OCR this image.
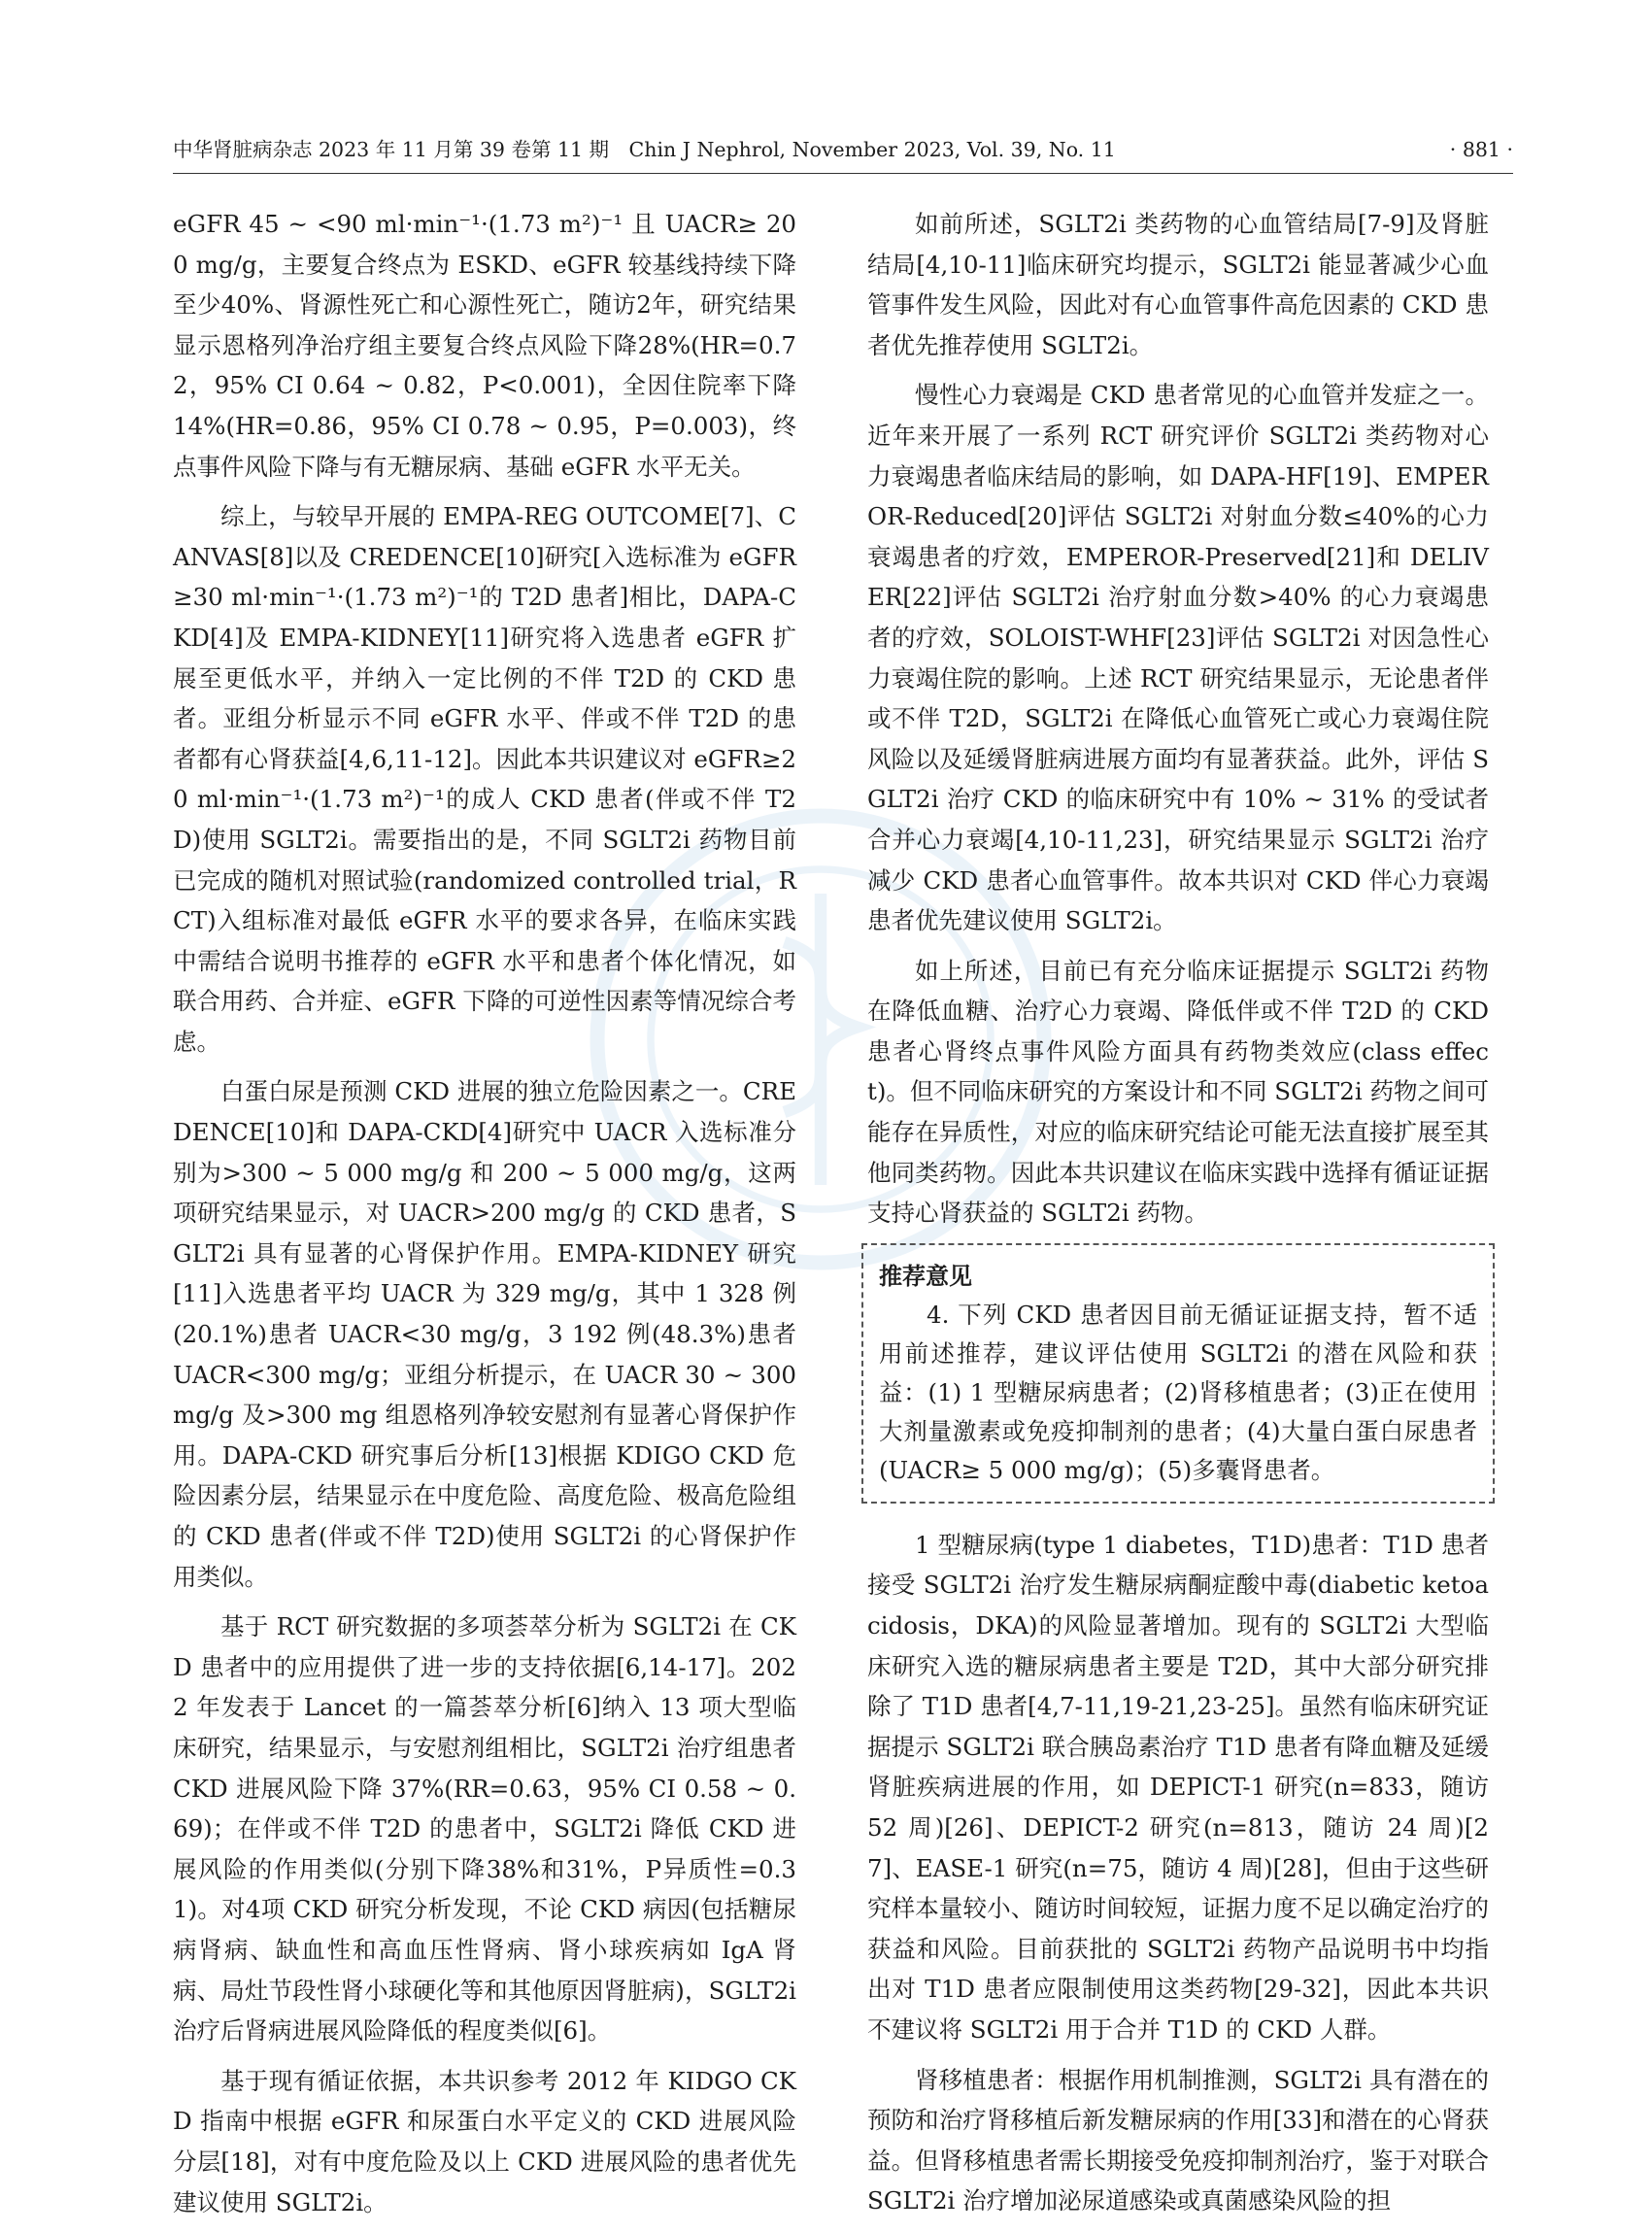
中华肾脏病杂志 2023 年 11 月第 39 卷第 11 期　Chin J Nephrol, November 2023, Vol. 39, No. 11	· 881 ·

eGFR 45 ~ <90 ml·min⁻¹·(1.73 m²)⁻¹ 且 UACR≥ 200 mg/g，主要复合终点为 ESKD、eGFR 较基线持续下降至少40%、肾源性死亡和心源性死亡，随访2年，研究结果显示恩格列净治疗组主要复合终点风险下降28%(HR=0.72，95% CI 0.64 ~ 0.82，P<0.001)，全因住院率下降 14%(HR=0.86，95% CI 0.78 ~ 0.95，P=0.003)，终点事件风险下降与有无糖尿病、基础 eGFR 水平无关。

综上，与较早开展的 EMPA-REG OUTCOME[7]、CANVAS[8]以及 CREDENCE[10]研究[入选标准为 eGFR≥30 ml·min⁻¹·(1.73 m²)⁻¹的 T2D 患者]相比，DAPA-CKD[4]及 EMPA-KIDNEY[11]研究将入选患者 eGFR 扩展至更低水平，并纳入一定比例的不伴 T2D 的 CKD 患者。亚组分析显示不同 eGFR 水平、伴或不伴 T2D 的患者都有心肾获益[4,6,11-12]。因此本共识建议对 eGFR≥20 ml·min⁻¹·(1.73 m²)⁻¹的成人 CKD 患者(伴或不伴 T2D)使用 SGLT2i。需要指出的是，不同 SGLT2i 药物目前已完成的随机对照试验(randomized controlled trial，RCT)入组标准对最低 eGFR 水平的要求各异，在临床实践中需结合说明书推荐的 eGFR 水平和患者个体化情况，如联合用药、合并症、eGFR 下降的可逆性因素等情况综合考虑。

白蛋白尿是预测 CKD 进展的独立危险因素之一。CREDENCE[10]和 DAPA-CKD[4]研究中 UACR 入选标准分别为>300 ~ 5 000 mg/g 和 200 ~ 5 000 mg/g，这两项研究结果显示，对 UACR>200 mg/g 的 CKD 患者，SGLT2i 具有显著的心肾保护作用。EMPA-KIDNEY 研究[11]入选患者平均 UACR 为 329 mg/g，其中 1 328 例(20.1%)患者 UACR<30 mg/g，3 192 例(48.3%)患者 UACR<300 mg/g；亚组分析提示，在 UACR 30 ~ 300 mg/g 及>300 mg 组恩格列净较安慰剂有显著心肾保护作用。DAPA-CKD 研究事后分析[13]根据 KDIGO CKD 危险因素分层，结果显示在中度危险、高度危险、极高危险组的 CKD 患者(伴或不伴 T2D)使用 SGLT2i 的心肾保护作用类似。

基于 RCT 研究数据的多项荟萃分析为 SGLT2i 在 CKD 患者中的应用提供了进一步的支持依据[6,14-17]。2022 年发表于 Lancet 的一篇荟萃分析[6]纳入 13 项大型临床研究，结果显示，与安慰剂组相比，SGLT2i 治疗组患者 CKD 进展风险下降 37%(RR=0.63，95% CI 0.58 ~ 0.69)；在伴或不伴 T2D 的患者中，SGLT2i 降低 CKD 进展风险的作用类似(分别下降38%和31%，P异质性=0.31)。对4项 CKD 研究分析发现，不论 CKD 病因(包括糖尿病肾病、缺血性和高血压性肾病、肾小球疾病如 IgA 肾病、局灶节段性肾小球硬化等和其他原因肾脏病)，SGLT2i 治疗后肾病进展风险降低的程度类似[6]。

基于现有循证依据，本共识参考 2012 年 KIDGO CKD 指南中根据 eGFR 和尿蛋白水平定义的 CKD 进展风险分层[18]，对有中度危险及以上 CKD 进展风险的患者优先建议使用 SGLT2i。

如前所述，SGLT2i 类药物的心血管结局[7-9]及肾脏结局[4,10-11]临床研究均提示，SGLT2i 能显著减少心血管事件发生风险，因此对有心血管事件高危因素的 CKD 患者优先推荐使用 SGLT2i。

慢性心力衰竭是 CKD 患者常见的心血管并发症之一。近年来开展了一系列 RCT 研究评价 SGLT2i 类药物对心力衰竭患者临床结局的影响，如 DAPA-HF[19]、EMPEROR-Reduced[20]评估 SGLT2i 对射血分数≤40%的心力衰竭患者的疗效，EMPEROR-Preserved[21]和 DELIVER[22]评估 SGLT2i 治疗射血分数>40% 的心力衰竭患者的疗效，SOLOIST-WHF[23]评估 SGLT2i 对因急性心力衰竭住院的影响。上述 RCT 研究结果显示，无论患者伴或不伴 T2D，SGLT2i 在降低心血管死亡或心力衰竭住院风险以及延缓肾脏病进展方面均有显著获益。此外，评估 SGLT2i 治疗 CKD 的临床研究中有 10% ~ 31% 的受试者合并心力衰竭[4,10-11,23]，研究结果显示 SGLT2i 治疗减少 CKD 患者心血管事件。故本共识对 CKD 伴心力衰竭患者优先建议使用 SGLT2i。

如上所述，目前已有充分临床证据提示 SGLT2i 药物在降低血糖、治疗心力衰竭、降低伴或不伴 T2D 的 CKD 患者心肾终点事件风险方面具有药物类效应(class effect)。但不同临床研究的方案设计和不同 SGLT2i 药物之间可能存在异质性，对应的临床研究结论可能无法直接扩展至其他同类药物。因此本共识建议在临床实践中选择有循证证据支持心肾获益的 SGLT2i 药物。

推荐意见

4. 下列 CKD 患者因目前无循证证据支持，暂不适用前述推荐，建议评估使用 SGLT2i 的潜在风险和获益：(1) 1 型糖尿病患者；(2)肾移植患者；(3)正在使用大剂量激素或免疫抑制剂的患者；(4)大量白蛋白尿患者(UACR≥ 5 000 mg/g)；(5)多囊肾患者。

1 型糖尿病(type 1 diabetes，T1D)患者：T1D 患者接受 SGLT2i 治疗发生糖尿病酮症酸中毒(diabetic ketoacidosis，DKA)的风险显著增加。现有的 SGLT2i 大型临床研究入选的糖尿病患者主要是 T2D，其中大部分研究排除了 T1D 患者[4,7-11,19-21,23-25]。虽然有临床研究证据提示 SGLT2i 联合胰岛素治疗 T1D 患者有降血糖及延缓肾脏疾病进展的作用，如 DEPICT-1 研究(n=833，随访 52 周)[26]、DEPICT-2 研究(n=813，随访 24 周)[27]、EASE-1 研究(n=75，随访 4 周)[28]，但由于这些研究样本量较小、随访时间较短，证据力度不足以确定治疗的获益和风险。目前获批的 SGLT2i 药物产品说明书中均指出对 T1D 患者应限制使用这类药物[29-32]，因此本共识不建议将 SGLT2i 用于合并 T1D 的 CKD 人群。

肾移植患者：根据作用机制推测，SGLT2i 具有潜在的预防和治疗肾移植后新发糖尿病的作用[33]和潜在的心肾获益。但肾移植患者需长期接受免疫抑制剂治疗，鉴于对联合 SGLT2i 治疗增加泌尿道感染或真菌感染风险的担
